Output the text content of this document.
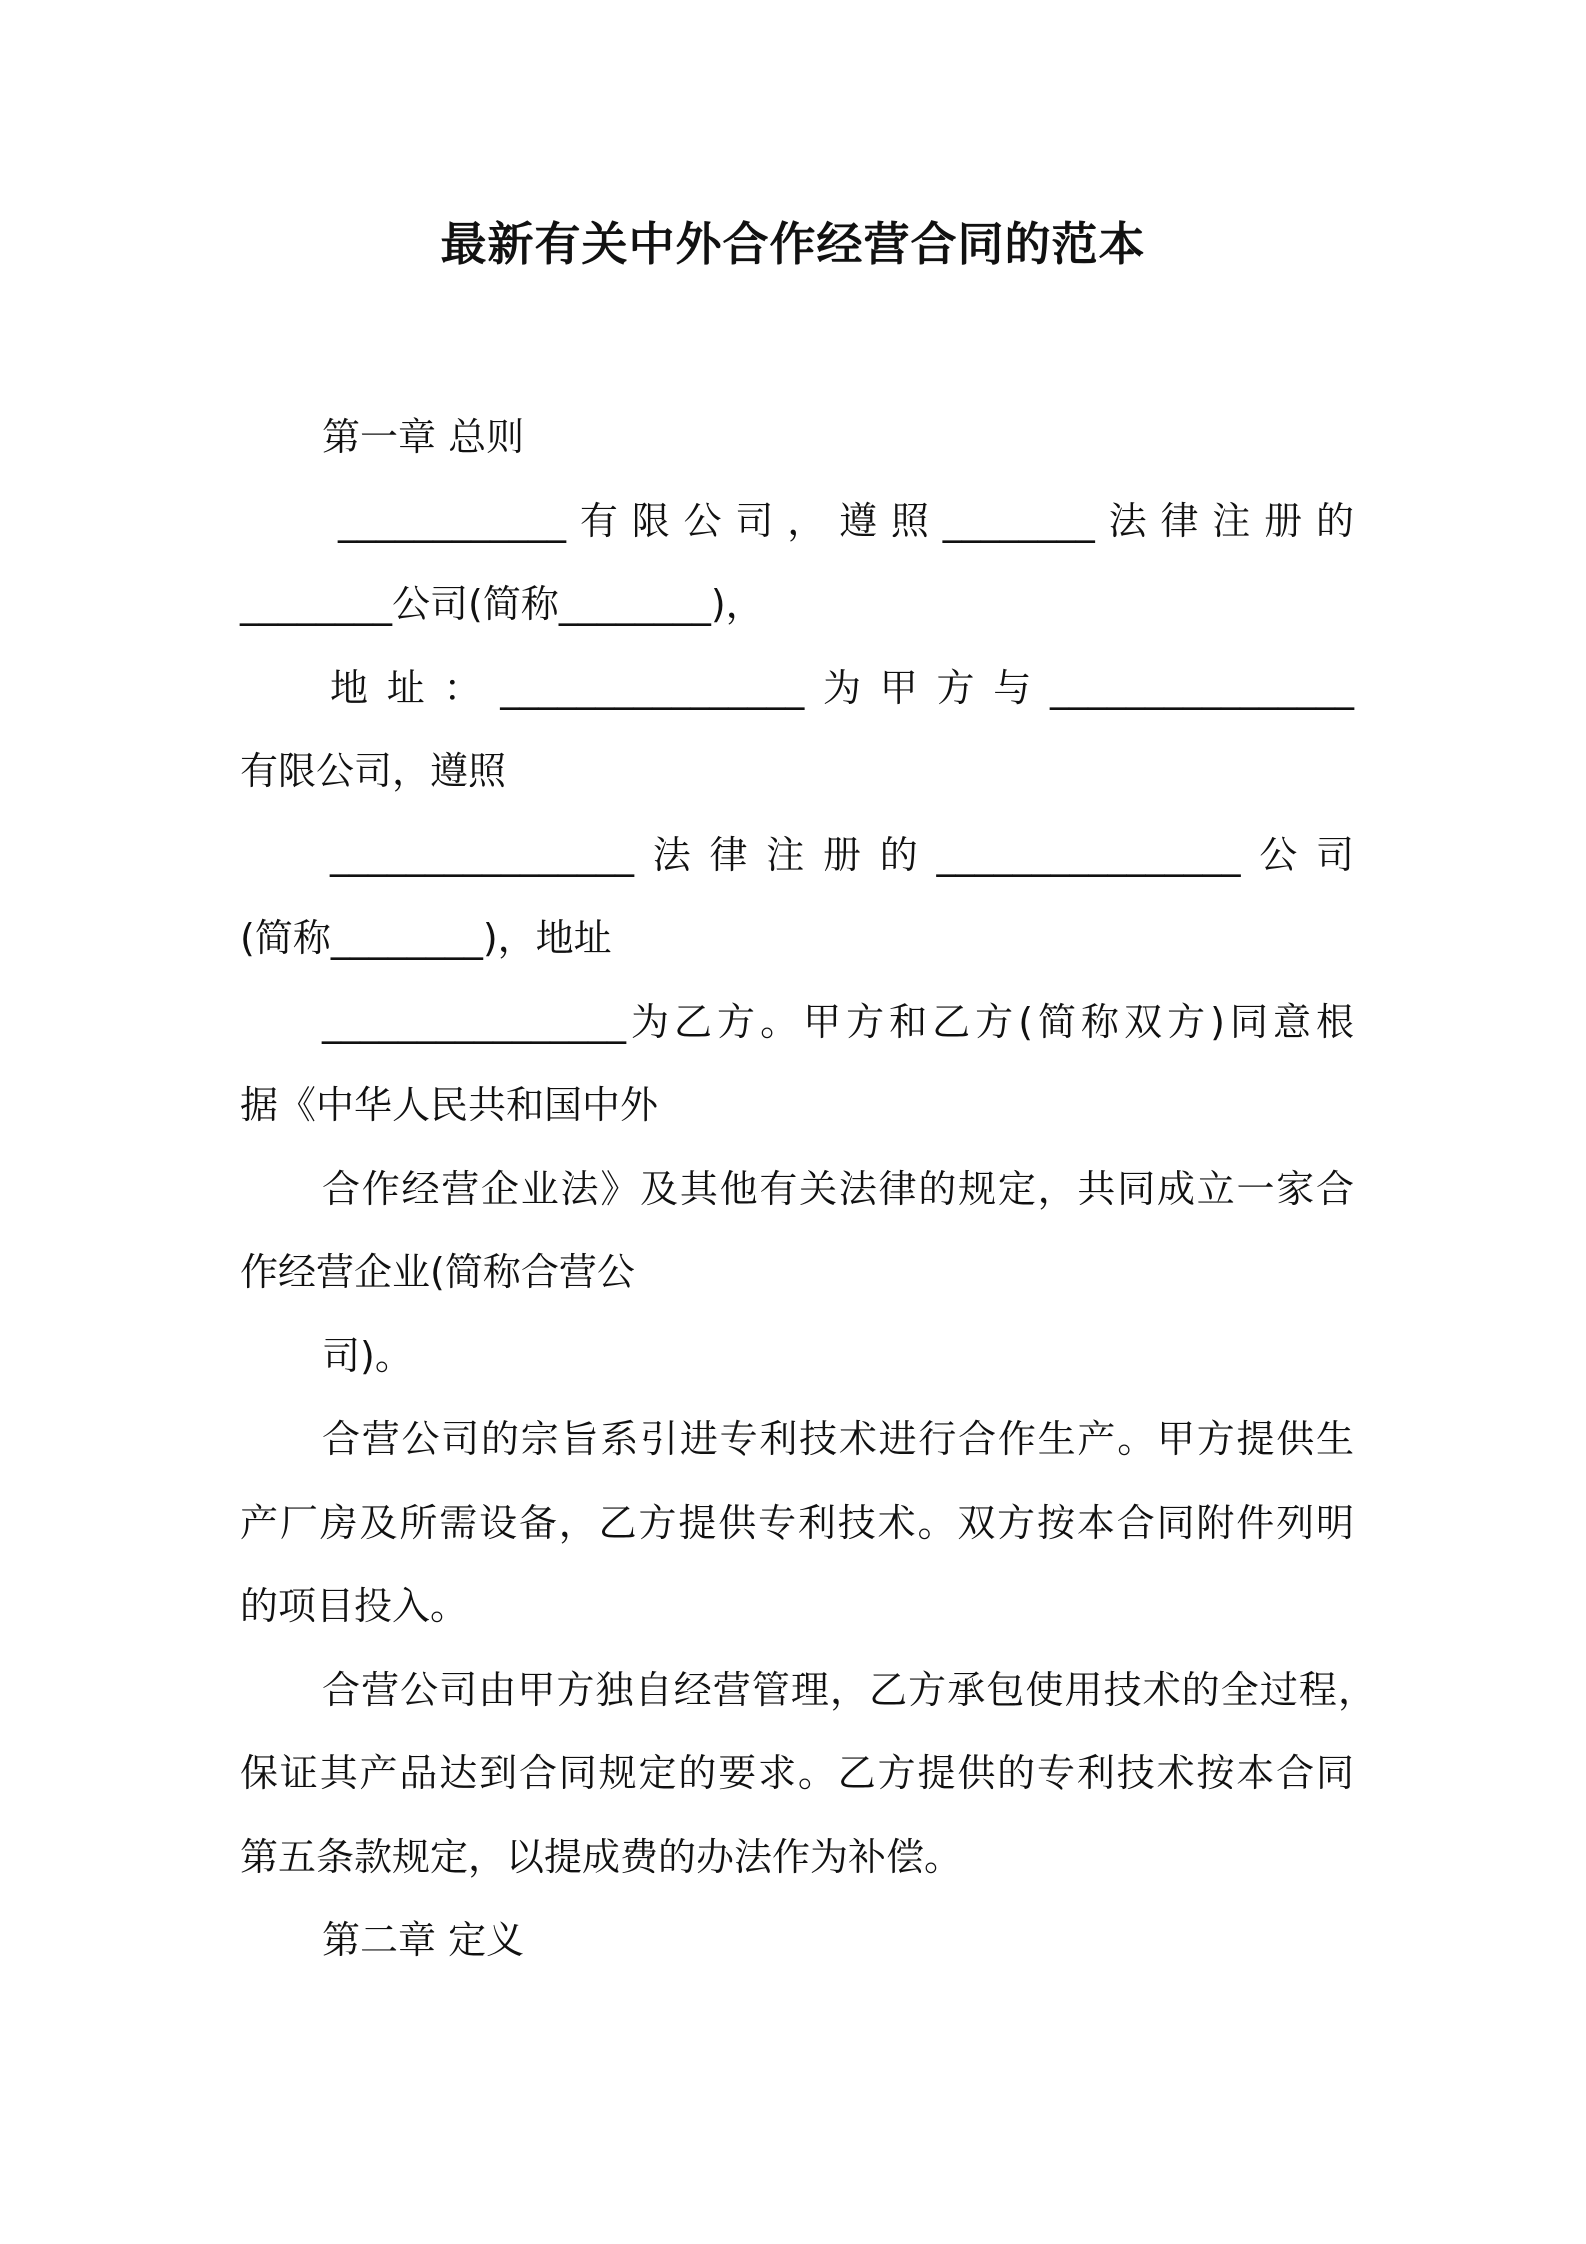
最新有关中外合作经营合同的范本

第一章 总则

____________有限公司，遵照________法律注册的

________公司(简称________)，

地址：________________为甲方与________________

有限公司，遵照

________________法律注册的________________公司

(简称________)，地址

________________为乙方。甲方和乙方(简称双方)同意根

据《中华人民共和国中外

合作经营企业法》及其他有关法律的规定，共同成立一家合

作经营企业(简称合营公

司)。

合营公司的宗旨系引进专利技术进行合作生产。甲方提供生

产厂房及所需设备，乙方提供专利技术。双方按本合同附件列明

的项目投入。

合营公司由甲方独自经营管理，乙方承包使用技术的全过程，

保证其产品达到合同规定的要求。乙方提供的专利技术按本合同

第五条款规定，以提成费的办法作为补偿。

第二章 定义
